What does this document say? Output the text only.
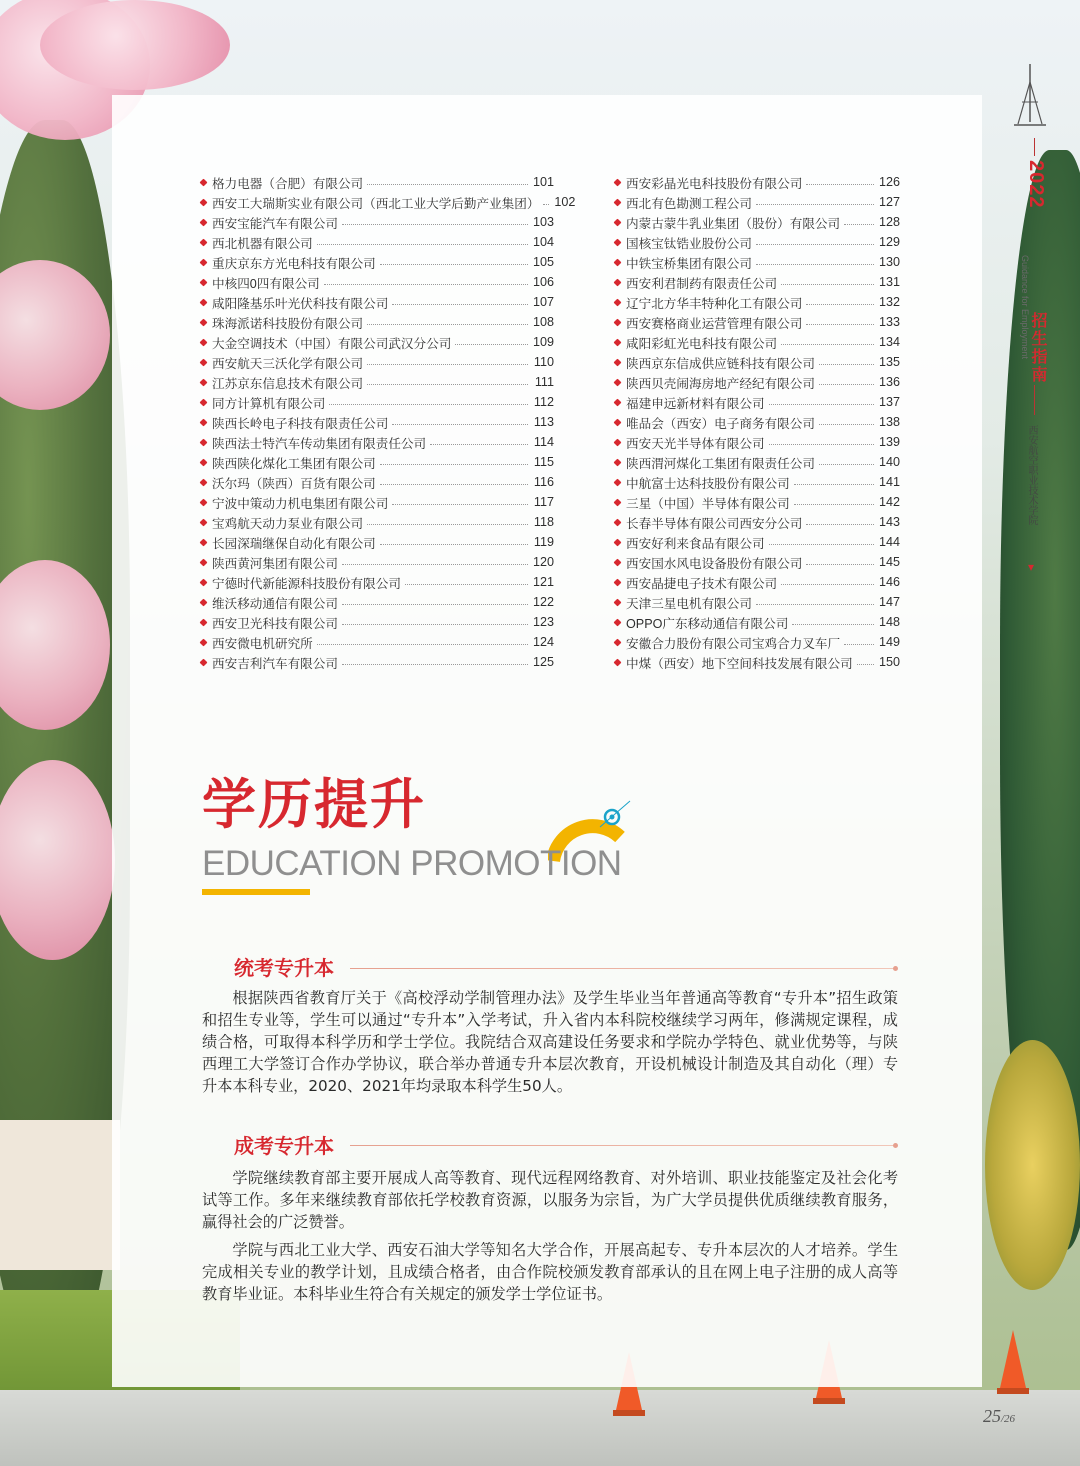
2022
Guidance for Employment 招生指南
西安航空职业技术学院
▾
格力电器（合肥）有限公司	101
西安工大瑞斯实业有限公司（西北工业大学后勤产业集团） 102
西安宝能汽车有限公司	103
西北机器有限公司	104
重庆京东方光电科技有限公司	105
中核四0四有限公司	106
咸阳隆基乐叶光伏科技有限公司	107
珠海派诺科技股份有限公司	108
大金空调技术（中国）有限公司武汉分公司	109
西安航天三沃化学有限公司	110
江苏京东信息技术有限公司	111
同方计算机有限公司	112
陕西长岭电子科技有限责任公司	113
陕西法士特汽车传动集团有限责任公司	114
陕西陕化煤化工集团有限公司	115
沃尔玛（陕西）百货有限公司	116
宁波中策动力机电集团有限公司	117
宝鸡航天动力泵业有限公司	118
长园深瑞继保自动化有限公司	119
陕西黄河集团有限公司	120
宁德时代新能源科技股份有限公司	121
维沃移动通信有限公司	122
西安卫光科技有限公司	123
西安微电机研究所	124
西安吉利汽车有限公司	125
西安彩晶光电科技股份有限公司	126
西北有色勘测工程公司	127
内蒙古蒙牛乳业集团（股份）有限公司	128
国核宝钛锆业股份公司	129
中铁宝桥集团有限公司	130
西安利君制药有限责任公司	131
辽宁北方华丰特种化工有限公司	132
西安赛格商业运营管理有限公司	133
咸阳彩虹光电科技有限公司	134
陕西京东信成供应链科技有限公司	135
陕西贝壳闹海房地产经纪有限公司	136
福建申远新材料有限公司	137
唯品会（西安）电子商务有限公司	138
西安天光半导体有限公司	139
陕西渭河煤化工集团有限责任公司	140
中航富士达科技股份有限公司	141
三星（中国）半导体有限公司	142
长春半导体有限公司西安分公司	143
西安好利来食品有限公司	144
西安国水风电设备股份有限公司	145
西安晶捷电子技术有限公司	146
天津三星电机有限公司	147
OPPO广东移动通信有限公司	148
安徽合力股份有限公司宝鸡合力叉车厂	149
中煤（西安）地下空间科技发展有限公司 150
学历提升
EDUCATION PROMOTION
统考专升本
根据陕西省教育厅关于《高校浮动学制管理办法》及学生毕业当年普通高等教育“专升本”招生政策和招生专业等，学生可以通过“专升本”入学考试，升入省内本科院校继续学习两年，修满规定课程，成绩合格，可取得本科学历和学士学位。我院结合双高建设任务要求和学院办学特色、就业优势等，与陕西理工大学签订合作办学协议，联合举办普通专升本层次教育，开设机械设计制造及其自动化（理）专升本本科专业，2020、2021年均录取本科学生50人。
成考专升本
学院继续教育部主要开展成人高等教育、现代远程网络教育、对外培训、职业技能鉴定及社会化考试等工作。多年来继续教育部依托学校教育资源，以服务为宗旨，为广大学员提供优质继续教育服务，赢得社会的广泛赞誉。
学院与西北工业大学、西安石油大学等知名大学合作，开展高起专、专升本层次的人才培养。学生完成相关专业的教学计划，且成绩合格者，由合作院校颁发教育部承认的且在网上电子注册的成人高等教育毕业证。本科毕业生符合有关规定的颁发学士学位证书。
25/26
